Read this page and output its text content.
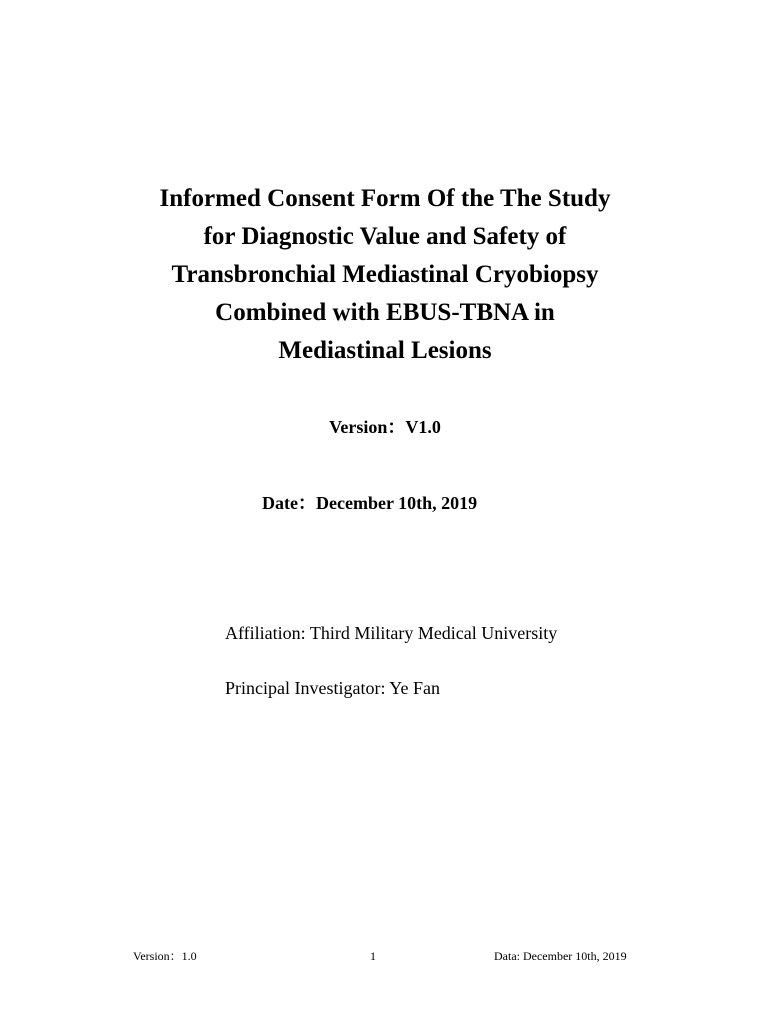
Informed Consent Form Of the The Study
for Diagnostic Value and Safety of
Transbronchial Mediastinal Cryobiopsy
Combined with EBUS-TBNA in
Mediastinal Lesions
Version：V1.0
Date：December 10th, 2019
Affiliation: Third Military Medical University
Principal Investigator: Ye Fan
Version：1.0	1	Data: December 10th, 2019
